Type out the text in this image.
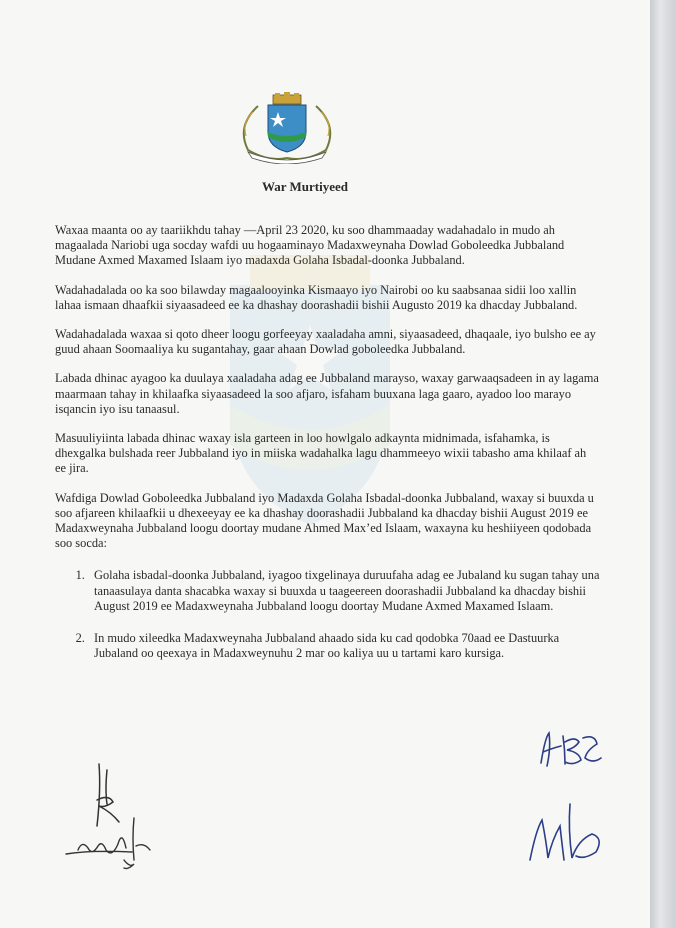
War Murtiyeed

Waxaa maanta oo ay taariikhdu tahay —April 23 2020, ku soo dhammaaday wadahadalo in mudo ah magaalada Nariobi uga socday wafdi uu hogaaminayo Madaxweynaha Dowlad Goboleedka Jubbaland Mudane Axmed Maxamed Islaam iyo madaxda Golaha Isbadal-doonka Jubbaland.

Wadahadalada oo ka soo bilawday magaalooyinka Kismaayo iyo Nairobi oo ku saabsanaa sidii loo xallin lahaa ismaan dhaafkii siyaasadeed ee ka dhashay doorashadii bishii Augusto 2019 ka dhacday Jubbaland.

Wadahadalada waxaa si qoto dheer loogu gorfeeyay xaaladaha amni, siyaasadeed, dhaqaale, iyo bulsho ee ay guud ahaan Soomaaliya ku sugantahay, gaar ahaan Dowlad goboleedka Jubbaland.

Labada dhinac ayagoo ka duulaya xaaladaha adag ee Jubbaland marayso, waxay garwaaqsadeen in ay lagama maarmaan tahay in khilaafka siyaasadeed la soo afjaro, isfaham buuxana laga gaaro, ayadoo loo marayo isqancin iyo isu tanaasul.

Masuuliyiinta labada dhinac waxay isla garteen in loo howlgalo adkaynta midnimada, isfahamka, is dhexgalka bulshada reer Jubbaland iyo in miiska wadahalka lagu dhammeeyo wixii tabasho ama khilaaf ah ee jira.

Wafdiga Dowlad Goboleedka Jubbaland iyo Madaxda Golaha Isbadal-doonka Jubbaland, waxay si buuxda u soo afjareen khilaafkii u dhexeeyay ee ka dhashay doorashadii Jubbaland ka dhacday bishii August 2019 ee Madaxweynaha Jubbaland loogu doortay mudane Ahmed Max’ed Islaam, waxayna ku heshiiyeen qodobada soo socda:

1. Golaha isbadal-doonka Jubbaland, iyagoo tixgelinaya duruufaha adag ee Jubaland ku sugan tahay una tanaasulaya danta shacabka waxay si buuxda u taageereen doorashadii Jubbaland ka dhacday bishii August 2019 ee Madaxweynaha Jubbaland loogu doortay Mudane Axmed Maxamed Islaam.
2. In mudo xileedka Madaxweynaha Jubbaland ahaado sida ku cad qodobka 70aad ee Dastuurka Jubaland oo qeexaya in Madaxweynuhu 2 mar oo kaliya uu u tartami karo kursiga.
